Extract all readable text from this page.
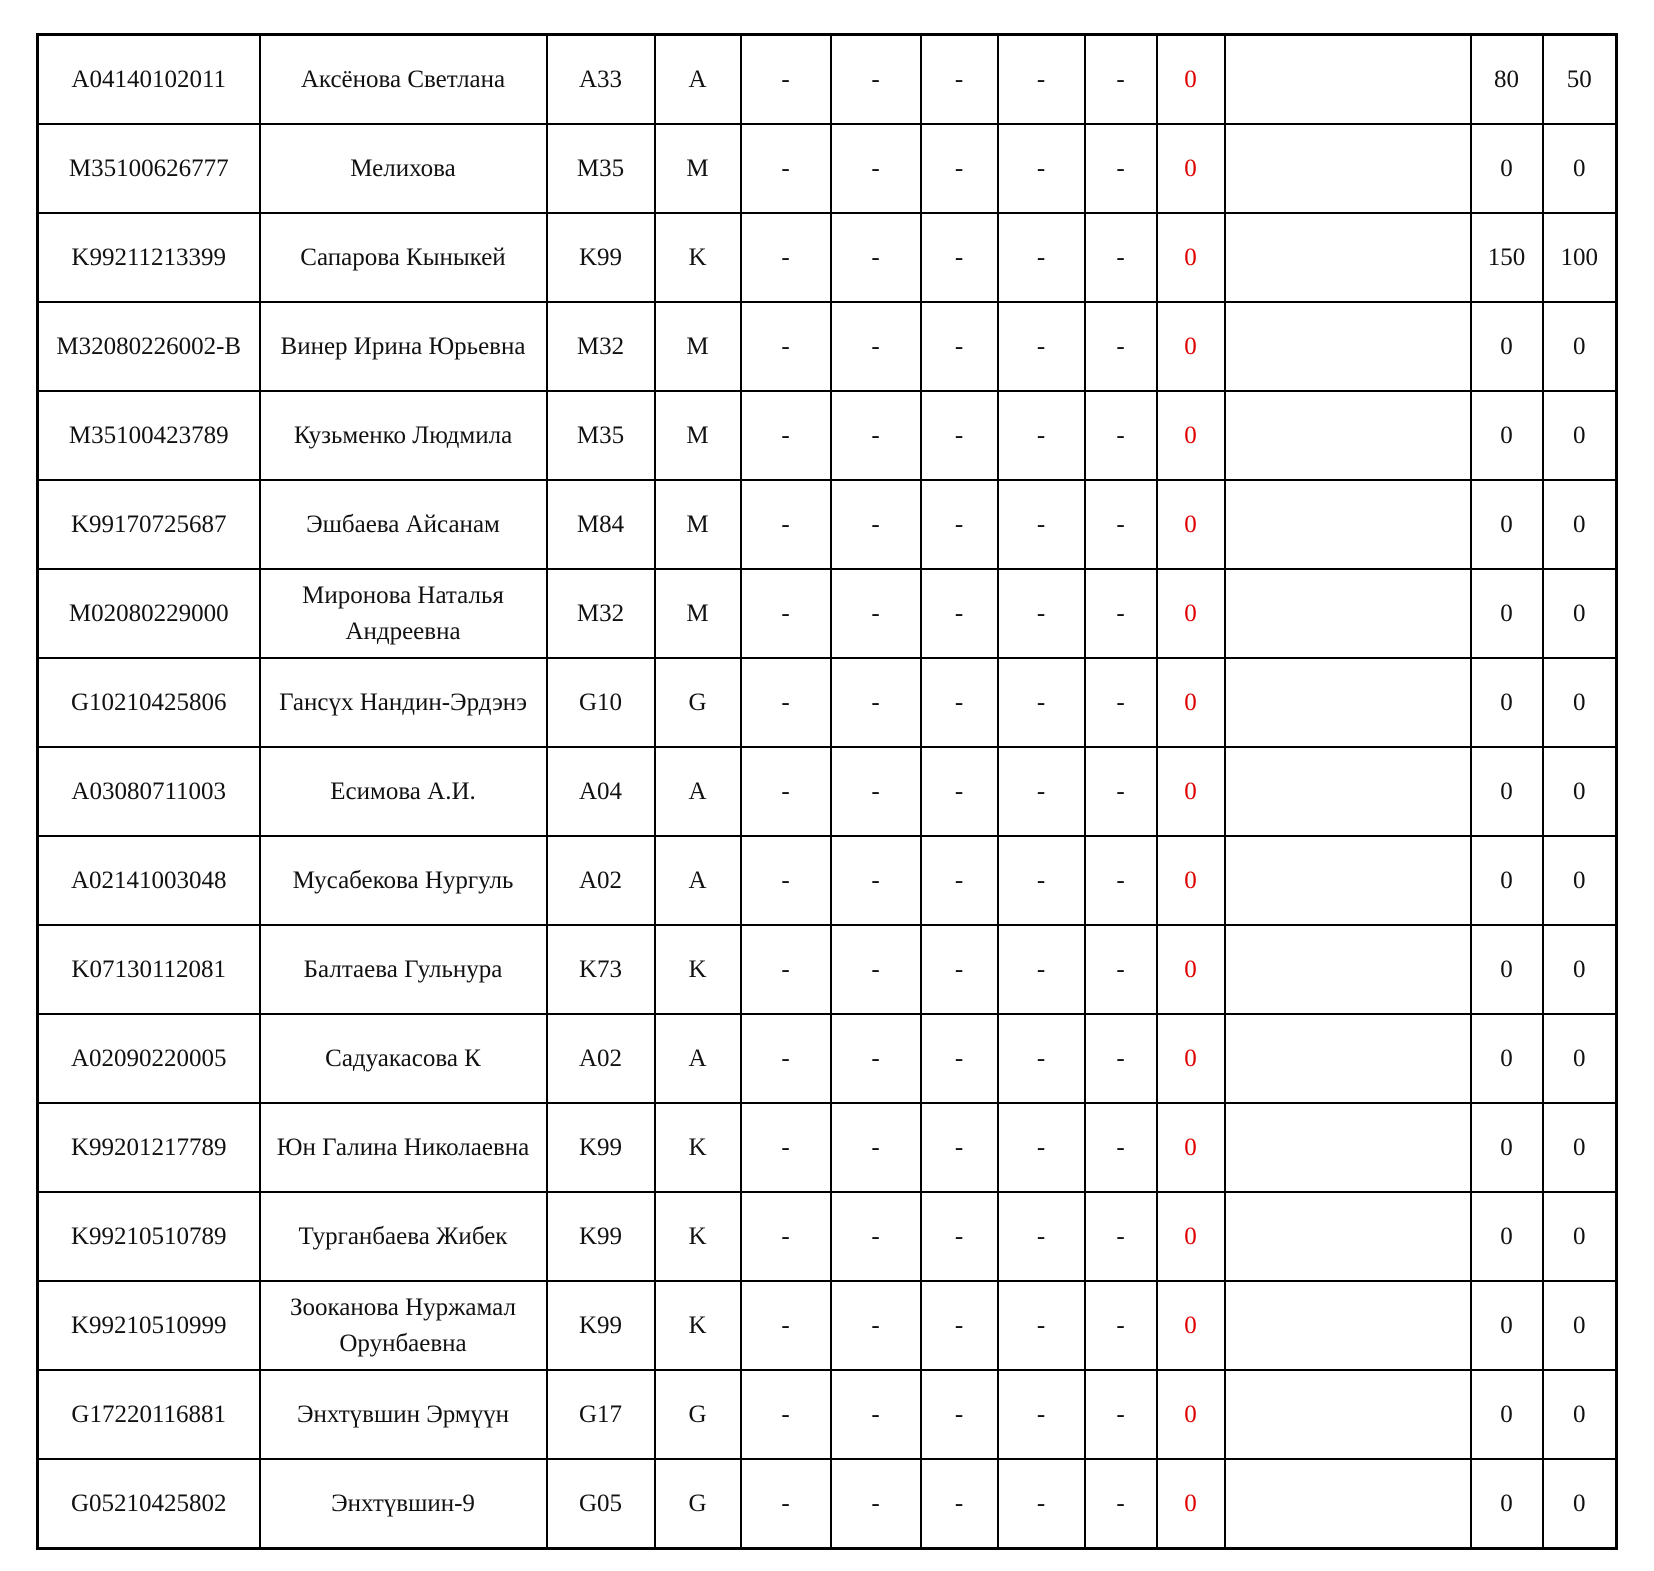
A04140102011	Аксёнова Светлана	A33	A	-	-	-	-	-	0		80	50
M35100626777	Мелихова	M35	M	-	-	-	-	-	0		0	0
K99211213399	Сапарова Кыныкей	K99	K	-	-	-	-	-	0		150	100
M32080226002-B	Винер Ирина Юрьевна	M32	M	-	-	-	-	-	0		0	0
M35100423789	Кузьменко Людмила	M35	M	-	-	-	-	-	0		0	0
K99170725687	Эшбаева Айсанам	M84	M	-	-	-	-	-	0		0	0
M02080229000	Миронова Наталья Андреевна	M32	M	-	-	-	-	-	0		0	0
G10210425806	Гансүх Нандин-Эрдэнэ	G10	G	-	-	-	-	-	0		0	0
A03080711003	Есимова А.И.	A04	A	-	-	-	-	-	0		0	0
A02141003048	Мусабекова Нургуль	A02	A	-	-	-	-	-	0		0	0
K07130112081	Балтаева Гульнура	K73	K	-	-	-	-	-	0		0	0
A02090220005	Садуакасова К	A02	A	-	-	-	-	-	0		0	0
K99201217789	Юн Галина Николаевна	K99	K	-	-	-	-	-	0		0	0
K99210510789	Турганбаева Жибек	K99	K	-	-	-	-	-	0		0	0
K99210510999	Зооканова Нуржамал Орунбаевна	K99	K	-	-	-	-	-	0		0	0
G17220116881	Энхтүвшин Эрмүүн	G17	G	-	-	-	-	-	0		0	0
G05210425802	Энхтүвшин-9	G05	G	-	-	-	-	-	0		0	0
